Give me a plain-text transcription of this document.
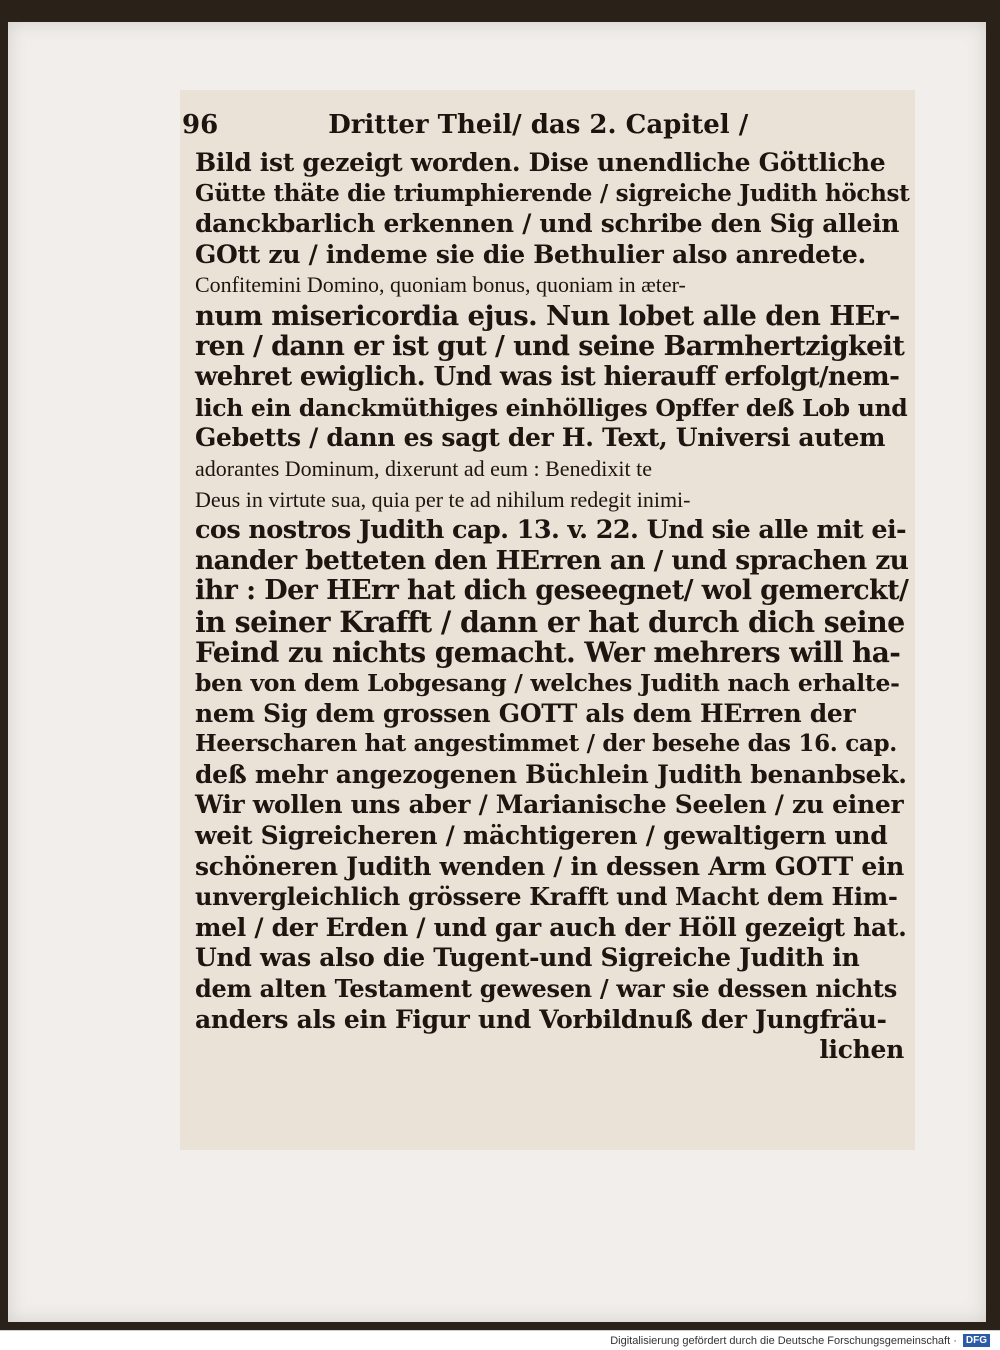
96	Dritter Theil/ das 2. Capitel /
Bild ist gezeigt worden. Dise unendliche Göttliche
Gütte thäte die triumphierende / sigreiche Judith höchst
danckbarlich erkennen / und schribe den Sig allein
GOtt zu / indeme sie die Bethulier also anredete.
Confitemini Domino, quoniam bonus, quoniam in æter-
num misericordia ejus. Nun lobet alle den HEr-
ren / dann er ist gut / und seine Barmhertzigkeit
wehret ewiglich. Und was ist hierauff erfolgt/nem-
lich ein danckmüthiges einhölliges Opffer deß Lob und
Gebetts / dann es sagt der H. Text, Universi autem
adorantes Dominum, dixerunt ad eum : Benedixit te
Deus in virtute sua, quia per te ad nihilum redegit inimi-
cos nostros Judith cap. 13. v. 22. Und sie alle mit ei-
nander betteten den HErren an / und sprachen zu
ihr : Der HErr hat dich geseegnet/ wol gemerckt/
in seiner Krafft / dann er hat durch dich seine
Feind zu nichts gemacht. Wer mehrers will ha-
ben von dem Lobgesang / welches Judith nach erhalte-
nem Sig dem grossen GOTT als dem HErren der
Heerscharen hat angestimmet / der besehe das 16. cap.
deß mehr angezogenen Büchlein Judith benanbsek.
Wir wollen uns aber / Marianische Seelen / zu einer
weit Sigreicheren / mächtigeren / gewaltigern und
schöneren Judith wenden / in dessen Arm GOTT ein
unvergleichlich grössere Krafft und Macht dem Him-
mel / der Erden / und gar auch der Höll gezeigt hat.
Und was also die Tugent-und Sigreiche Judith in
dem alten Testament gewesen / war sie dessen nichts
anders als ein Figur und Vorbildnuß der Jungfräu-
lichen
Digitalisierung gefördert durch die Deutsche Forschungsgemeinschaft · DFG
